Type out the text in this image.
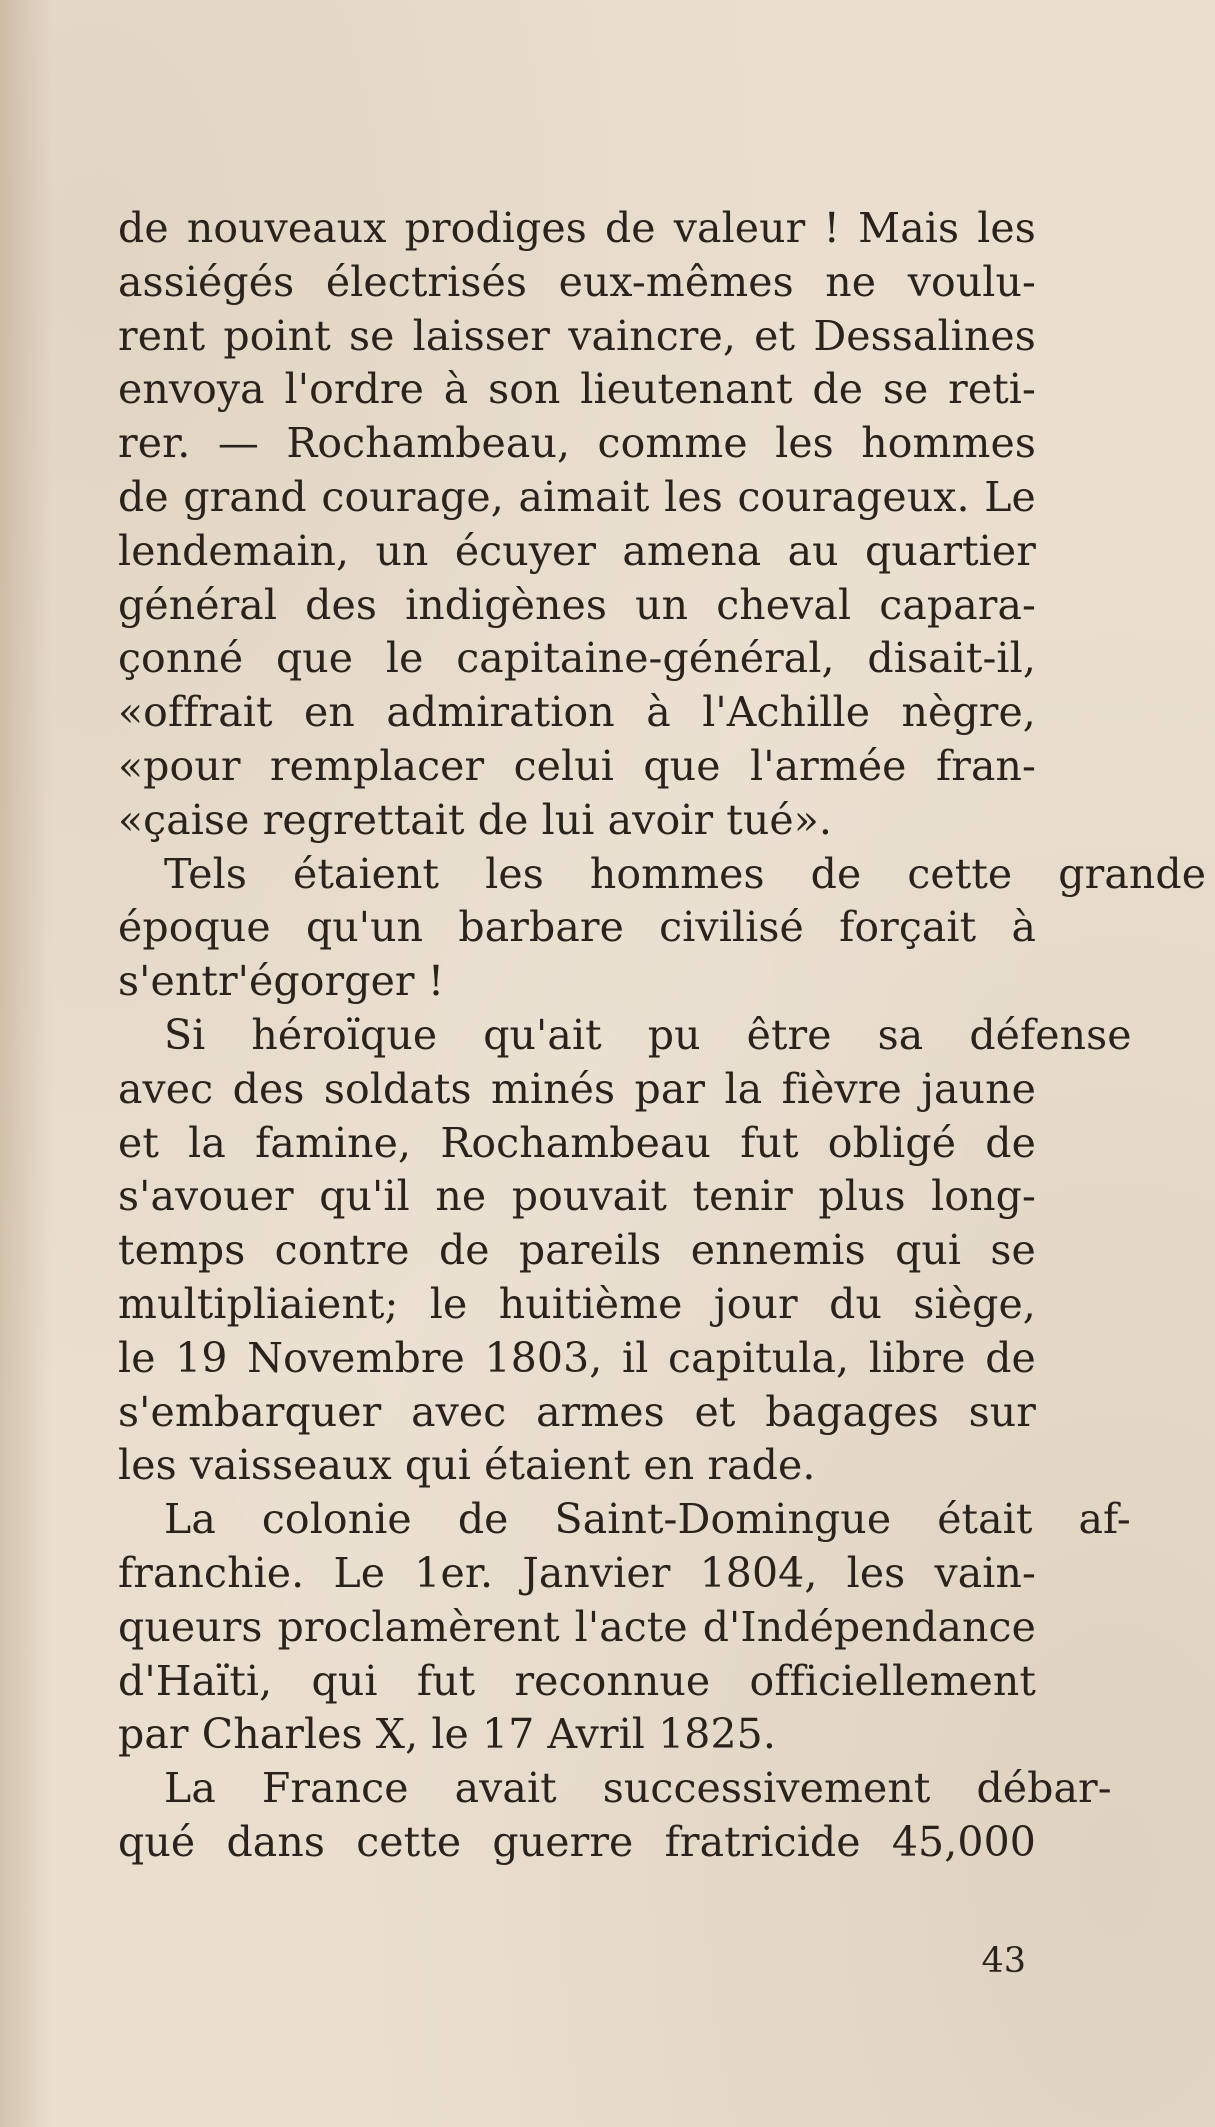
de nouveaux prodiges de valeur ! Mais les
assiégés électrisés eux-mêmes ne voulu-
rent point se laisser vaincre, et Dessalines
envoya l'ordre à son lieutenant de se reti-
rer. — Rochambeau, comme les hommes
de grand courage, aimait les courageux. Le
lendemain, un écuyer amena au quartier
général des indigènes un cheval capara-
çonné que le capitaine-général, disait-il,
«offrait en admiration à l'Achille nègre,
«pour remplacer celui que l'armée fran-
«çaise regrettait de lui avoir tué».
Tels	étaient	les	hommes	de	cette	grande
époque qu'un barbare civilisé forçait à
s'entr'égorger !
Si	héroïque	qu'ait	pu	être	sa	défense
avec des soldats minés par la fièvre jaune
et la famine, Rochambeau fut obligé de
s'avouer qu'il ne pouvait tenir plus long-
temps contre de pareils ennemis qui se
multipliaient; le huitième jour du siège,
le 19 Novembre 1803, il capitula, libre de
s'embarquer avec armes et bagages sur
les vaisseaux qui étaient en rade.
La	colonie	de	Saint-Domingue	était	af-
franchie. Le 1er. Janvier 1804, les vain-
queurs proclamèrent l'acte d'Indépendance
d'Haïti, qui fut reconnue officiellement
par Charles X, le 17 Avril 1825.
La	France	avait	successivement	débar-
qué dans cette guerre fratricide 45,000
43
